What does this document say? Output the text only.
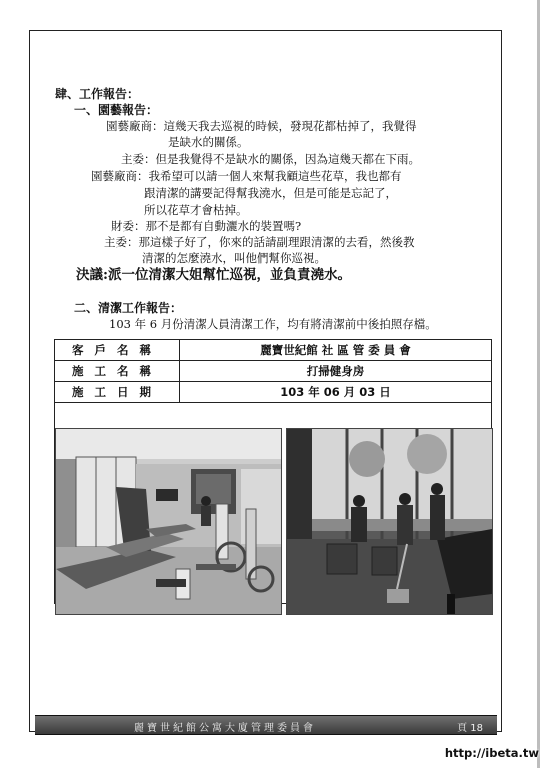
肆、工作報告：
一、園藝報告：
園藝廠商：這幾天我去巡視的時候，發現花都枯掉了，我覺得
是缺水的關係。
主委：但是我覺得不是缺水的關係，因為這幾天都在下雨。
園藝廠商：我希望可以請一個人來幫我顧這些花草，我也都有
跟清潔的講要記得幫我澆水，但是可能是忘記了，
所以花草才會枯掉。
財委：那不是都有自動灑水的裝置嗎?
主委：那這樣子好了，你來的話請副理跟清潔的去看，然後教
清潔的怎麼澆水，叫他們幫你巡視。
決議:派一位清潔大姐幫忙巡視，並負責澆水。
二、清潔工作報告：
103 年 6 月份清潔人員清潔工作，均有將清潔前中後拍照存檔。
客戶名稱	麗寶世紀館 社 區 管 委 員 會
施工名稱	打掃健身房
施工日期	103 年 06 月 03 日

麗寶世紀館公寓大廈管理委員會	頁 18
http://ibeta.tw
